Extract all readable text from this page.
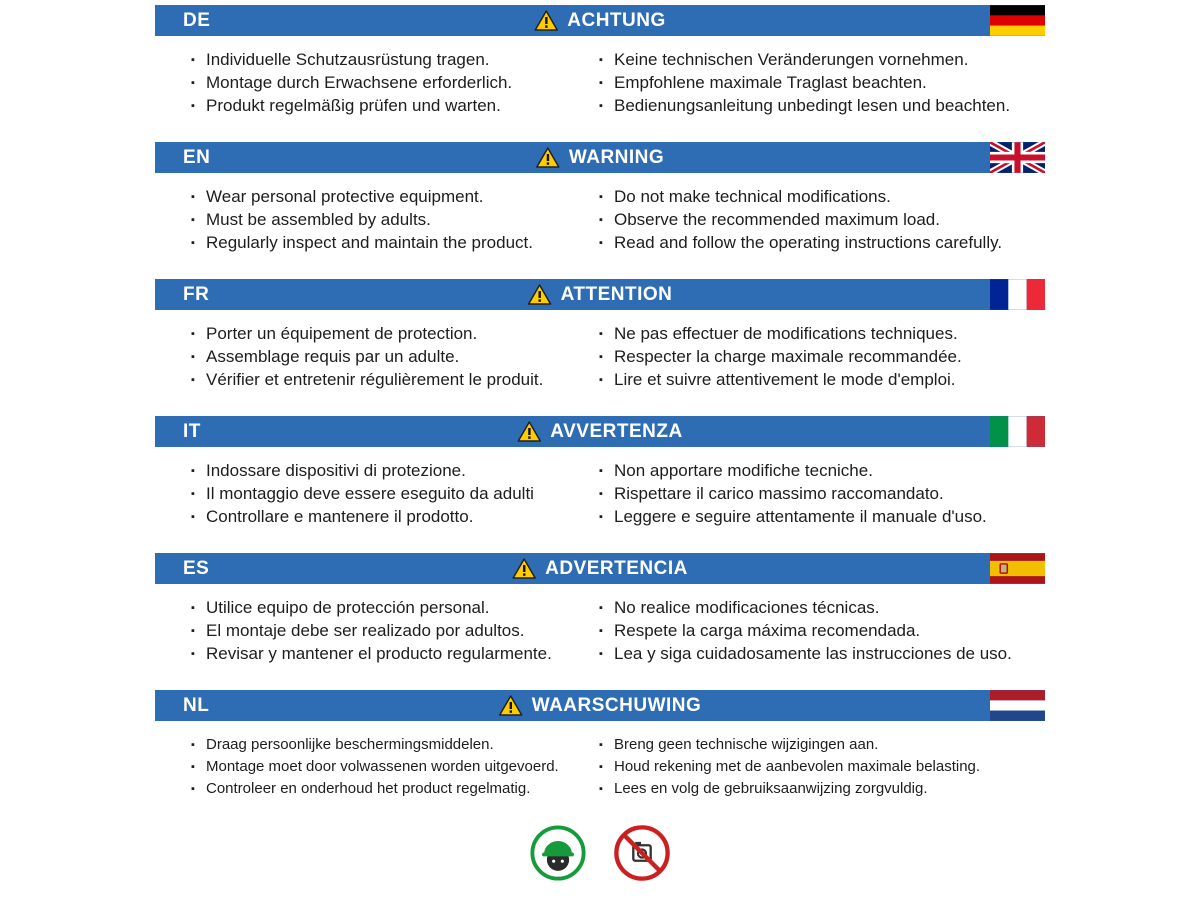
DE	ACHTUNG
▪ Individuelle Schutzausrüstung tragen.
▪ Montage durch Erwachsene erforderlich.
▪ Produkt regelmäßig prüfen und warten.
▪ Keine technischen Veränderungen vornehmen.
▪ Empfohlene maximale Traglast beachten.
▪ Bedienungsanleitung unbedingt lesen und beachten.
EN	WARNING
▪ Wear personal protective equipment.
▪ Must be assembled by adults.
▪ Regularly inspect and maintain the product.
▪ Do not make technical modifications.
▪ Observe the recommended maximum load.
▪ Read and follow the operating instructions carefully.
FR	ATTENTION
▪ Porter un équipement de protection.
▪ Assemblage requis par un adulte.
▪ Vérifier et entretenir régulièrement le produit.
▪ Ne pas effectuer de modifications techniques.
▪ Respecter la charge maximale recommandée.
▪ Lire et suivre attentivement le mode d'emploi.
IT	AVVERTENZA
▪ Indossare dispositivi di protezione.
▪ Il montaggio deve essere eseguito da adulti
▪ Controllare e mantenere il prodotto.
▪ Non apportare modifiche tecniche.
▪ Rispettare il carico massimo raccomandato.
▪ Leggere e seguire attentamente il manuale d'uso.
ES	ADVERTENCIA
▪ Utilice equipo de protección personal.
▪ El montaje debe ser realizado por adultos.
▪ Revisar y mantener el producto regularmente.
▪ No realice modificaciones técnicas.
▪ Respete la carga máxima recomendada.
▪ Lea y siga cuidadosamente las instrucciones de uso.
NL	WAARSCHUWING
▪ Draag persoonlijke beschermingsmiddelen.
▪ Montage moet door volwassenen worden uitgevoerd.
▪ Controleer en onderhoud het product regelmatig.
▪ Breng geen technische wijzigingen aan.
▪ Houd rekening met de aanbevolen maximale belasting.
▪ Lees en volg de gebruiksaanwijzing zorgvuldig.
